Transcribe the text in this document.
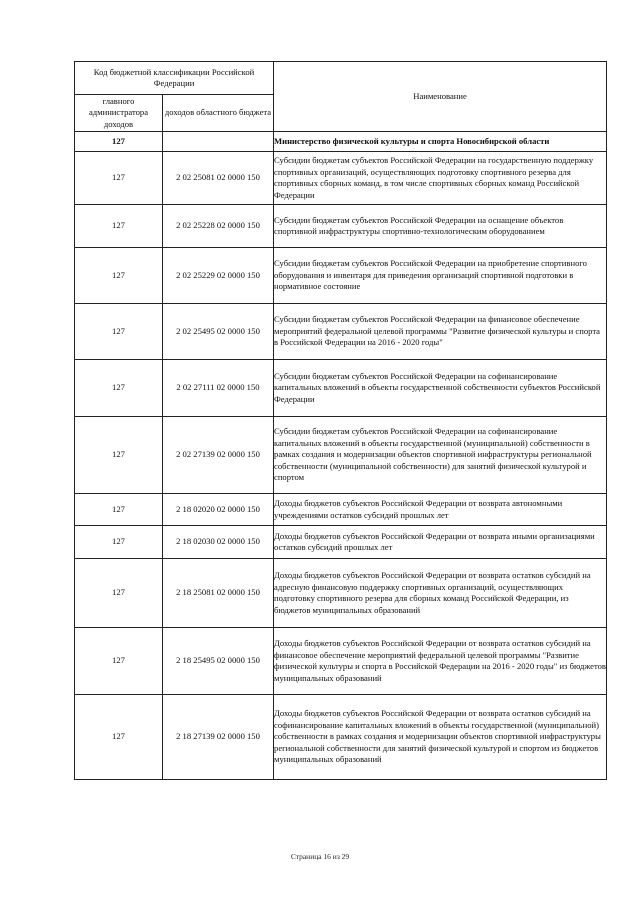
Код бюджетной классификации Российской Федерации		Наименование
главного администратора доходов	доходов областного бюджета	
127		Министерство физической культуры и спорта Новосибирской области
127	2 02 25081 02 0000 150	Субсидии бюджетам субъектов Российской Федерации на государственную поддержку спортивных организаций, осуществляющих подготовку спортивного резерва для спортивных сборных команд, в том числе спортивных сборных команд Российской Федерации
127	2 02 25228 02 0000 150	Субсидии бюджетам субъектов Российской Федерации на оснащение объектов спортивной инфраструктуры спортивно-технологическим оборудованием
127	2 02 25229 02 0000 150	Субсидии бюджетам субъектов Российской Федерации на приобретение спортивного оборудования и инвентаря для приведения организаций спортивной подготовки в нормативное состояние
127	2 02 25495 02 0000 150	Субсидии бюджетам субъектов Российской Федерации на финансовое обеспечение мероприятий федеральной целевой программы "Развитие физической культуры и спорта в Российской Федерации на 2016 - 2020 годы"
127	2 02 27111 02 0000 150	Субсидии бюджетам субъектов Российской Федерации на софинансирование капитальных вложений в объекты государственной собственности субъектов Российской Федерации
127	2 02 27139 02 0000 150	Субсидии бюджетам субъектов Российской Федерации на софинансирование капитальных вложений в объекты государственной (муниципальной) собственности в рамках создания и модернизации объектов спортивной инфраструктуры региональной собственности (муниципальной собственности) для занятий физической культурой и спортом
127	2 18 02020 02 0000 150	Доходы бюджетов субъектов Российской Федерации от возврата автономными учреждениями остатков субсидий прошлых лет
127	2 18 02030 02 0000 150	Доходы бюджетов субъектов Российской Федерации от возврата иными организациями остатков субсидий прошлых лет
127	2 18 25081 02 0000 150	Доходы бюджетов субъектов Российской Федерации от возврата остатков субсидий на адресную финансовую поддержку спортивных организаций, осуществляющих подготовку спортивного резерва для сборных команд Российской Федерации, из бюджетов муниципальных образований
127	2 18 25495 02 0000 150	Доходы бюджетов субъектов Российской Федерации от возврата остатков субсидий на финансовое обеспечение мероприятий федеральной целевой программы "Развитие физической культуры и спорта в Российской Федерации на 2016 - 2020 годы" из бюджетов муниципальных образований
127	2 18 27139 02 0000 150	Доходы бюджетов субъектов Российской Федерации от возврата остатков субсидий на софинансирование капитальных вложений в объекты государственной (муниципальной) собственности в рамках создания и модернизации объектов спортивной инфраструктуры региональной собственности для занятий физической культурой и спортом из бюджетов муниципальных образований
Страница 16 из 29
